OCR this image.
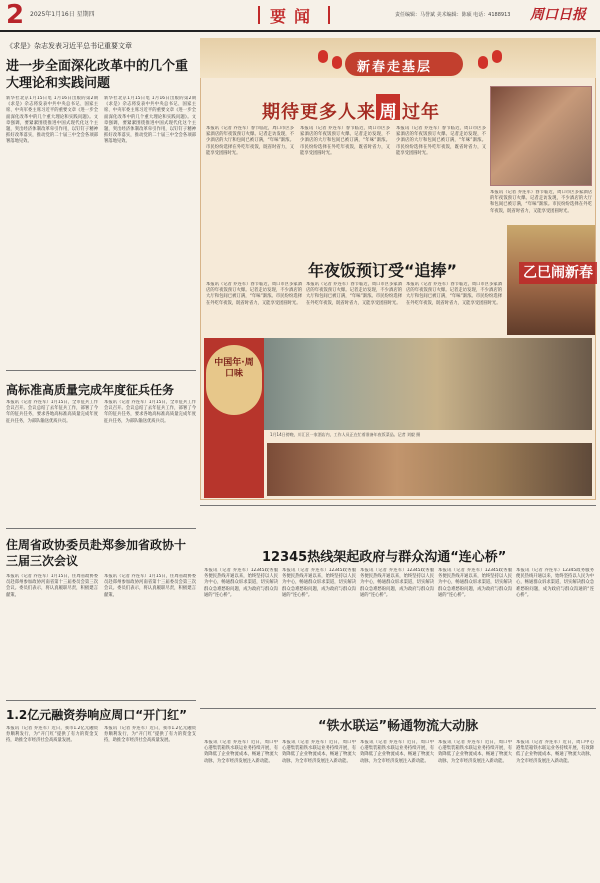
2 2025年1月16日 星期四	要闻	责任编辑：马誉斌 美术编辑：陈硕 电话：4188913 周口日报
《求是》杂志发表习近平总书记重要文章
进一步全面深化改革中的几个重大理论和实践问题
新华社北京1月15日电 1月16日出版的第2期《求是》杂志将发表中共中央总书记、国家主席、中央军委主席习近平的重要文章《进一步全面深化改革中的几个重大理论和实践问题》。文章强调，要紧紧围绕推进中国式现代化这个主题，突出经济体制改革牵引作用，以钉钉子精神抓好改革落实，推动党的二十届三中全会各项部署落地见效。
新华社北京1月15日电 1月16日出版的第2期《求是》杂志将发表中共中央总书记、国家主席、中央军委主席习近平的重要文章《进一步全面深化改革中的几个重大理论和实践问题》。文章强调，要紧紧围绕推进中国式现代化这个主题，突出经济体制改革牵引作用，以钉钉子精神抓好改革落实，推动党的二十届三中全会各项部署落地见效。
新春走基层
期待更多人来 过年
周
本报讯（记者 乔连军）春节临近，周口市区多家酒店的年夜饭预订火爆。记者走访发现，不少酒店的大厅和包间已被订满，“年味”渐浓。市民纷纷选择在外吃年夜饭，既省时省力，又能享受团圆时光。
本报讯（记者 乔连军）春节临近，周口市区多家酒店的年夜饭预订火爆。记者走访发现，不少酒店的大厅和包间已被订满，“年味”渐浓。市民纷纷选择在外吃年夜饭，既省时省力，又能享受团圆时光。
本报讯（记者 乔连军）春节临近，周口市区多家酒店的年夜饭预订火爆。记者走访发现，不少酒店的大厅和包间已被订满，“年味”渐浓。市民纷纷选择在外吃年夜饭，既省时省力，又能享受团圆时光。
本报讯（记者 乔连军）春节临近，周口市区多家酒店的年夜饭预订火爆。记者走访发现，不少酒店的大厅和包间已被订满，“年味”渐浓。市民纷纷选择在外吃年夜饭，既省时省力，又能享受团圆时光。
年夜饭预订受“追捧”	乙巳闹新春
本报讯（记者 乔连军）春节临近，周口市区多家酒店的年夜饭预订火爆。记者走访发现，不少酒店的大厅和包间已被订满，“年味”渐浓。市民纷纷选择在外吃年夜饭，既省时省力，又能享受团圆时光。
本报讯（记者 乔连军）春节临近，周口市区多家酒店的年夜饭预订火爆。记者走访发现，不少酒店的大厅和包间已被订满，“年味”渐浓。市民纷纷选择在外吃年夜饭，既省时省力，又能享受团圆时光。
本报讯（记者 乔连军）春节临近，周口市区多家酒店的年夜饭预订火爆。记者走访发现，不少酒店的大厅和包间已被订满，“年味”渐浓。市民纷纷选择在外吃年夜饭，既省时省力，又能享受团圆时光。
中国年·周口味
1月14日傍晚，川汇区一家酒店内，工作人员正在忙着准备年夜饭菜品。记者 刘毅 摄
高标准高质量完成年度征兵任务
本报讯（记者 乔连军）1月15日，全市征兵工作会议召开。会议总结了去年征兵工作，部署了今年的征兵任务，要求各地高标准高质量完成年度征兵任务，为部队输送优质兵员。
本报讯（记者 乔连军）1月15日，全市征兵工作会议召开。会议总结了去年征兵工作，部署了今年的征兵任务，要求各地高标准高质量完成年度征兵任务，为部队输送优质兵员。
住周省政协委员赴郑参加省政协十三届三次会议
本报讯（记者 乔连军）1月15日，住周省政协委员赴郑州参加政协河南省第十三届委员会第三次会议。委员们表示，将认真履职尽责，积极建言献策。
本报讯（记者 乔连军）1月15日，住周省政协委员赴郑州参加政协河南省第十三届委员会第三次会议。委员们表示，将认真履职尽责，积极建言献策。
1.2亿元融资券响应周口“开门红”
本报讯（记者 乔连军）近日，我市1.2亿元融资券顺利发行，为“开门红”提供了有力的资金支持，助推全市经济社会高质量发展。
本报讯（记者 乔连军）近日，我市1.2亿元融资券顺利发行，为“开门红”提供了有力的资金支持，助推全市经济社会高质量发展。
12345热线架起政府与群众沟通“连心桥”
本报讯（记者 乔连军）12345政务服务便民热线开通以来，始终坚持以人民为中心，畅通群众诉求渠道，切实解决群众急难愁盼问题，成为政府与群众沟通的“连心桥”。
本报讯（记者 乔连军）12345政务服务便民热线开通以来，始终坚持以人民为中心，畅通群众诉求渠道，切实解决群众急难愁盼问题，成为政府与群众沟通的“连心桥”。
本报讯（记者 乔连军）12345政务服务便民热线开通以来，始终坚持以人民为中心，畅通群众诉求渠道，切实解决群众急难愁盼问题，成为政府与群众沟通的“连心桥”。
本报讯（记者 乔连军）12345政务服务便民热线开通以来，始终坚持以人民为中心，畅通群众诉求渠道，切实解决群众急难愁盼问题，成为政府与群众沟通的“连心桥”。
本报讯（记者 乔连军）12345政务服务便民热线开通以来，始终坚持以人民为中心，畅通群众诉求渠道，切实解决群众急难愁盼问题，成为政府与群众沟通的“连心桥”。
“铁水联运”畅通物流大动脉
本报讯（记者 乔连军）近日，周口中心港集装箱铁水联运业务持续开展，有效降低了企业物流成本，畅通了物流大动脉，为全市经济发展注入新动能。
本报讯（记者 乔连军）近日，周口中心港集装箱铁水联运业务持续开展，有效降低了企业物流成本，畅通了物流大动脉，为全市经济发展注入新动能。
本报讯（记者 乔连军）近日，周口中心港集装箱铁水联运业务持续开展，有效降低了企业物流成本，畅通了物流大动脉，为全市经济发展注入新动能。
本报讯（记者 乔连军）近日，周口中心港集装箱铁水联运业务持续开展，有效降低了企业物流成本，畅通了物流大动脉，为全市经济发展注入新动能。
本报讯（记者 乔连军）近日，周口中心港集装箱铁水联运业务持续开展，有效降低了企业物流成本，畅通了物流大动脉，为全市经济发展注入新动能。
